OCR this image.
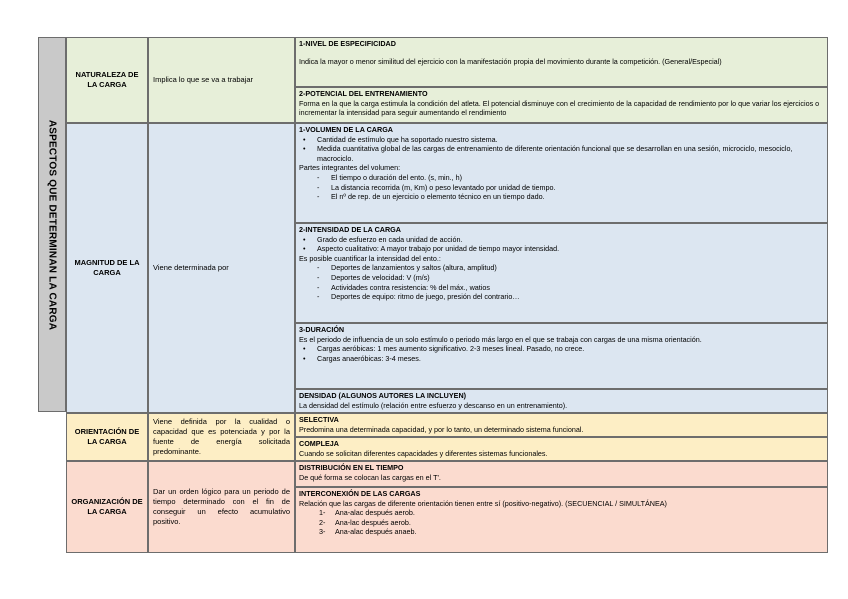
ASPECTOS QUE DETERMINAN LA CARGA
NATURALEZA DE LA CARGA
Implica lo que se va a trabajar
1-NIVEL DE ESPECIFICIDAD
Indica la mayor o menor similitud del ejercicio con la manifestación propia del movimiento durante la competición. (General/Especial)
2-POTENCIAL DEL ENTRENAMIENTO
Forma en la que la carga estimula la condición del atleta. El potencial disminuye con el crecimiento de la capacidad de rendimiento por lo que variar los ejercicios o incrementar la intensidad para seguir aumentando el rendimiento
MAGNITUD DE LA CARGA
Viene determinada por
1-VOLUMEN DE LA CARGA
• Cantidad de estímulo que ha soportado nuestro sistema.
• Medida cuantitativa global de las cargas de entrenamiento de diferente orientación funcional que se desarrollan en una sesión, microciclo, mesociclo, macrociclo.
Partes integrantes del volumen:
- El tiempo o duración del ento. (s, min., h)
- La distancia recorrida (m, Km) o peso levantado por unidad de tiempo.
- El nº de rep. de un ejercicio o elemento técnico en un tiempo dado.
2-INTENSIDAD DE LA CARGA
• Grado de esfuerzo en cada unidad de acción.
• Aspecto cualitativo: A mayor trabajo por unidad de tiempo mayor intensidad.
Es posible cuantificar la intensidad del ento.:
- Deportes de lanzamientos y saltos (altura, amplitud)
- Deportes de velocidad: V (m/s)
- Actividades contra resistencia: % del máx., watios
- Deportes de equipo: ritmo de juego, presión del contrario…
3-DURACIÓN
Es el periodo de influencia de un solo estímulo o periodo más largo en el que se trabaja con cargas de una misma orientación.
• Cargas aeróbicas: 1 mes aumento significativo. 2-3 meses lineal. Pasado, no crece.
• Cargas anaeróbicas: 3-4 meses.
DENSIDAD (ALGUNOS AUTORES LA INCLUYEN)
La densidad del estímulo (relación entre esfuerzo y descanso en un entrenamiento).
ORIENTACIÓN DE LA CARGA
Viene definida por la cualidad o capacidad que es potenciada y por la fuente de energía solicitada predominante.
SELECTIVA
Predomina una determinada capacidad, y por lo tanto, un determinado sistema funcional.
COMPLEJA
Cuando se solicitan diferentes capacidades y diferentes sistemas funcionales.
ORGANIZACIÓN DE LA CARGA
Dar un orden lógico para un periodo de tiempo determinado con el fin de conseguir un efecto acumulativo positivo.
DISTRIBUCIÓN EN EL TIEMPO
De qué forma se colocan las cargas en el T'.
INTERCONEXIÓN DE LAS CARGAS
Relación que las cargas de diferente orientación tienen entre sí (positivo-negativo). (SECUENCIAL / SIMULTÁNEA)
1- Ana-alac después aerob.
2- Ana-lac después aerob.
3- Ana-alac después anaeb.
